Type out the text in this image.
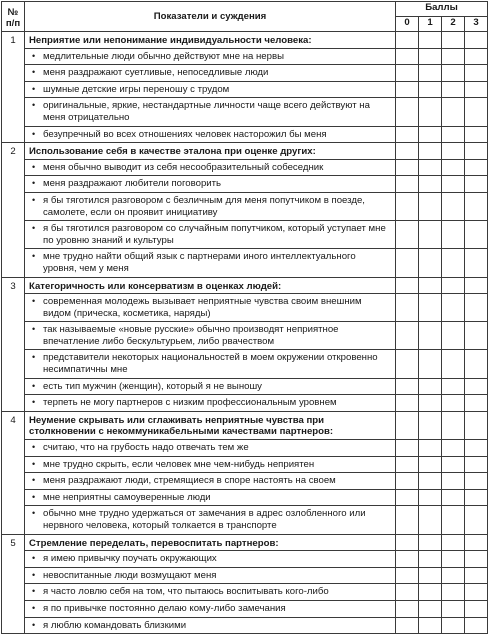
№
п/п	Показатели и суждения	Баллы			
		0	1	2	3
1	Неприятие или непонимание индивидуальности человека:				

	• медлительные люди обычно действуют мне на нервы				

	• меня раздражают суетливые, непоседливые люди				

	• шумные детские игры переношу с трудом				

	• оригинальные, яркие, нестандартные личности чаще всего действуют на меня отрицательно				

	• безупречный во всех отношениях человек насторожил бы меня				
2	Использование себя в качестве эталона при оценке других:				

	• меня обычно выводит из себя несообразительный собеседник				

	• меня раздражают любители поговорить				

	• я бы тяготился разговором с безличным для меня попутчиком в поезде, самолете, если он проявит инициативу				

	• я бы тяготился разговором со случайным попутчиком, который уступает мне по уровню знаний и культуры				

	• мне трудно найти общий язык с партнерами иного интеллектуального уровня, чем у меня				
3	Категоричность или консерватизм в оценках людей:				

	• современная молодежь вызывает неприятные чувства своим внешним видом (прическа, косметика, наряды)				

	• так называемые «новые русские» обычно производят неприятное впечатление либо бескультурьем, либо рвачеством				

	• представители некоторых национальностей в моем окружении откровенно несимпатичны мне				

	• есть тип мужчин (женщин), который я не выношу				

	• терпеть не могу партнеров с низким профессиональным уровнем				
4	Неумение скрывать или сглаживать неприятные чувства при столкновении с некоммуникабельными качествами партнеров:				

	• считаю, что на грубость надо отвечать тем же				

	• мне трудно скрыть, если человек мне чем-нибудь неприятен				

	• меня раздражают люди, стремящиеся в споре настоять на своем				

	• мне неприятны самоуверенные люди				

	• обычно мне трудно удержаться от замечания в адрес озлобленного или нервного человека, который толкается в транспорте				
5	Стремление переделать, перевоспитать партнеров:				

	• я имею привычку поучать окружающих				

	• невоспитанные люди возмущают меня				

	• я часто ловлю себя на том, что пытаюсь воспитывать кого-либо				

	• я по привычке постоянно делаю кому-либо замечания				

	• я люблю командовать близкими				
